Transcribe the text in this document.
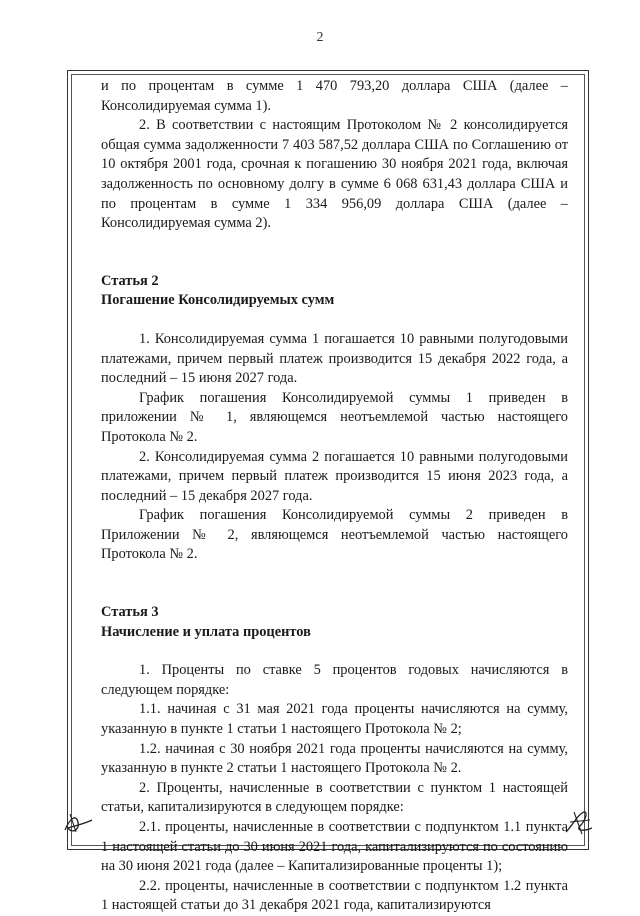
2

и по процентам в сумме 1 470 793,20 доллара США (далее – Консолидируемая сумма 1).

2. В соответствии с настоящим Протоколом № 2 консолидируется общая сумма задолженности 7 403 587,52 доллара США по Соглашению от 10 октября 2001 года, срочная к погашению 30 ноября 2021 года, включая задолженность по основному долгу в сумме 6 068 631,43 доллара США и по процентам в сумме 1 334 956,09 доллара США (далее – Консолидируемая сумма 2).

Статья 2

Погашение Консолидируемых сумм

1. Консолидируемая сумма 1 погашается 10 равными полугодовыми платежами, причем первый платеж производится 15 декабря 2022 года, а последний – 15 июня 2027 года.

График погашения Консолидируемой суммы 1 приведен в приложении № 1, являющемся неотъемлемой частью настоящего Протокола № 2.

2. Консолидируемая сумма 2 погашается 10 равными полугодовыми платежами, причем первый платеж производится 15 июня 2023 года, а последний – 15 декабря 2027 года.

График погашения Консолидируемой суммы 2 приведен в Приложении № 2, являющемся неотъемлемой частью настоящего Протокола № 2.

Статья 3

Начисление и уплата процентов

1. Проценты по ставке 5 процентов годовых начисляются в следующем порядке:

1.1. начиная с 31 мая 2021 года проценты начисляются на сумму, указанную в пункте 1 статьи 1 настоящего Протокола № 2;

1.2. начиная с 30 ноября 2021 года проценты начисляются на сумму, указанную в пункте 2 статьи 1 настоящего Протокола № 2.

2. Проценты, начисленные в соответствии с пунктом 1 настоящей статьи, капитализируются в следующем порядке:

2.1. проценты, начисленные в соответствии с подпунктом 1.1 пункта 1 настоящей статьи до 30 июня 2021 года, капитализируются по состоянию на 30 июня 2021 года (далее – Капитализированные проценты 1);

2.2. проценты, начисленные в соответствии с подпунктом 1.2 пункта 1 настоящей статьи до 31 декабря 2021 года, капитализируются
